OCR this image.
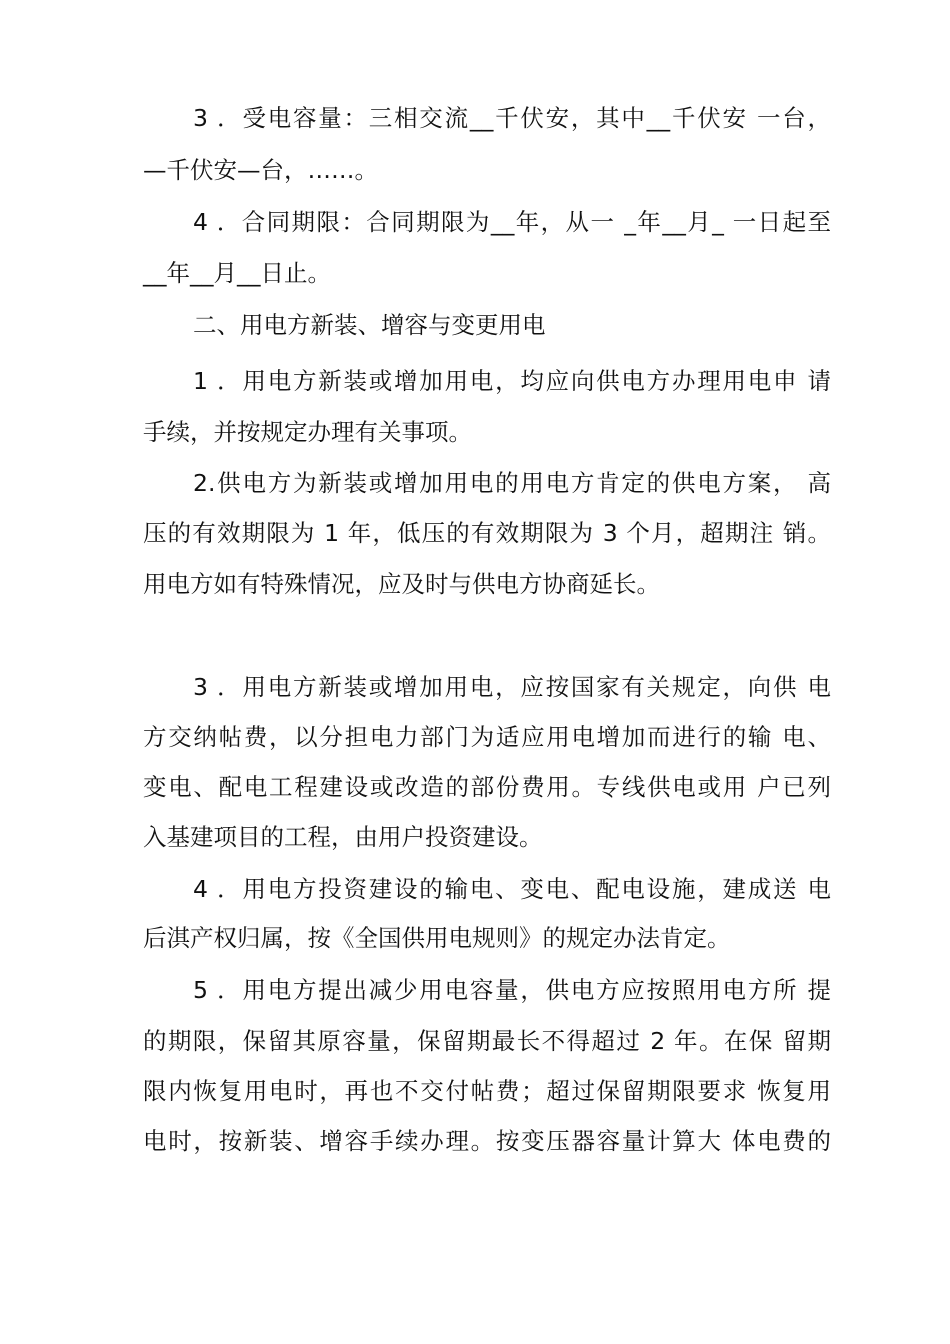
3 ．受电容量：三相交流__千伏安，其中__千伏安 一台，
—千伏安—台，……。
4 ．合同期限：合同期限为__年，从一 _年__月_ 一日起至
__年__月__日止。
二、用电方新装、增容与变更用电
1 ．用电方新装或增加用电，均应向供电方办理用电申 请
手续，并按规定办理有关事项。
2.供电方为新装或增加用电的用电方肯定的供电方案， 高
压的有效期限为 1 年，低压的有效期限为 3 个月，超期注 销。
用电方如有特殊情况，应及时与供电方协商延长。
3 ．用电方新装或增加用电，应按国家有关规定，向供 电
方交纳帖费，以分担电力部门为适应用电增加而进行的输 电、
变电、配电工程建设或改造的部份费用。专线供电或用 户已列
入基建项目的工程，由用户投资建设。
4 ．用电方投资建设的输电、变电、配电设施，建成送 电
后淇产权归属，按《全国供用电规则》的规定办法肯定。
5 ．用电方提出减少用电容量，供电方应按照用电方所 提
的期限，保留其原容量，保留期最长不得超过 2 年。在保 留期
限内恢复用电时，再也不交付帖费；超过保留期限要求 恢复用
电时，按新装、增容手续办理。按变压器容量计算大 体电费的
